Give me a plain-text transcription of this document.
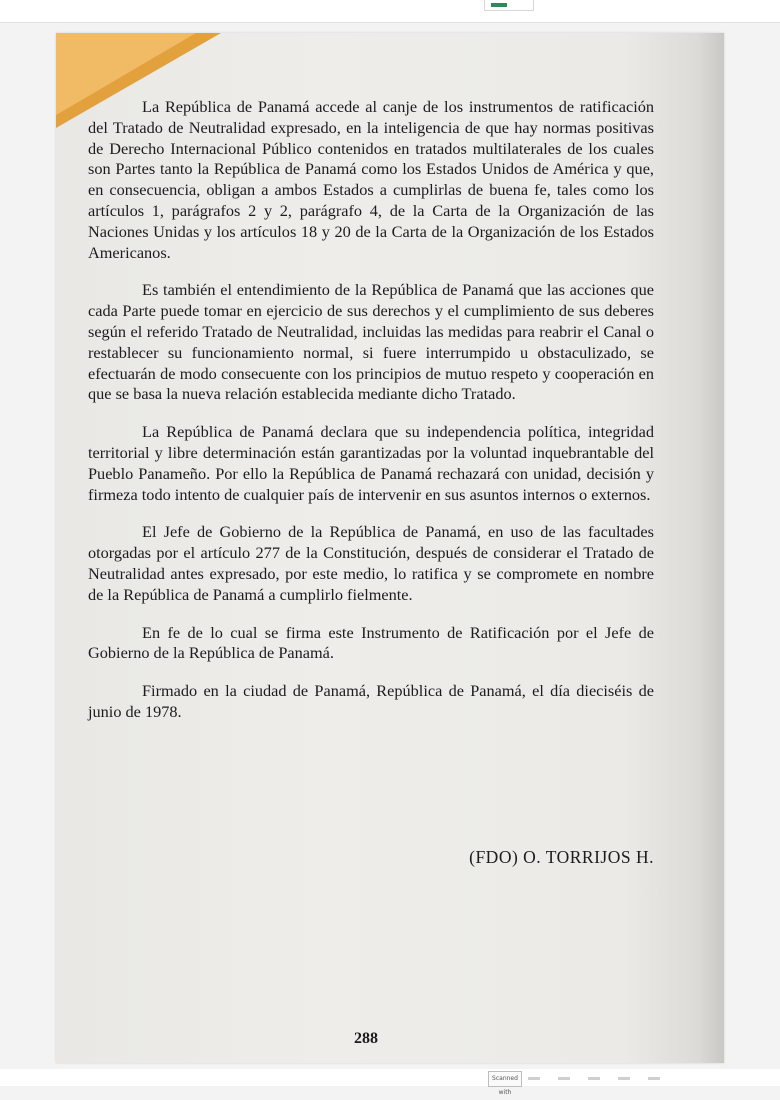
La República de Panamá accede al canje de los instrumentos de ratificación del Tratado de Neutralidad expresado, en la inteligencia de que hay normas positivas de Derecho Internacional Público contenidos en tratados multilaterales de los cuales son Partes tanto la República de Panamá como los Estados Unidos de América y que, en consecuencia, obligan a ambos Estados a cumplirlas de buena fe, tales como los artículos 1, parágrafos 2 y 2, parágrafo 4, de la Carta de la Organización de las Naciones Unidas y los artículos 18 y 20 de la Carta de la Organización de los Estados Americanos.

Es también el entendimiento de la República de Panamá que las acciones que cada Parte puede tomar en ejercicio de sus derechos y el cumplimiento de sus deberes según el referido Tratado de Neutralidad, incluidas las medidas para reabrir el Canal o restablecer su funcionamiento normal, si fuere interrumpido u obstaculizado, se efectuarán de modo consecuente con los principios de mutuo respeto y cooperación en que se basa la nueva relación establecida mediante dicho Tratado.

La República de Panamá declara que su independencia política, integridad territorial y libre determinación están garantizadas por la voluntad inquebrantable del Pueblo Panameño. Por ello la República de Panamá rechazará con unidad, decisión y firmeza todo intento de cualquier país de intervenir en sus asuntos internos o externos.

El Jefe de Gobierno de la República de Panamá, en uso de las facultades otorgadas por el artículo 277 de la Constitución, después de considerar el Tratado de Neutralidad antes expresado, por este medio, lo ratifica y se compromete en nombre de la República de Panamá a cumplirlo fielmente.

En fe de lo cual se firma este Instrumento de Ratificación por el Jefe de Gobierno de la República de Panamá.

Firmado en la ciudad de Panamá, República de Panamá, el día dieciséis de junio de 1978.

(FDO) O. TORRIJOS H.
288
Scanned with
